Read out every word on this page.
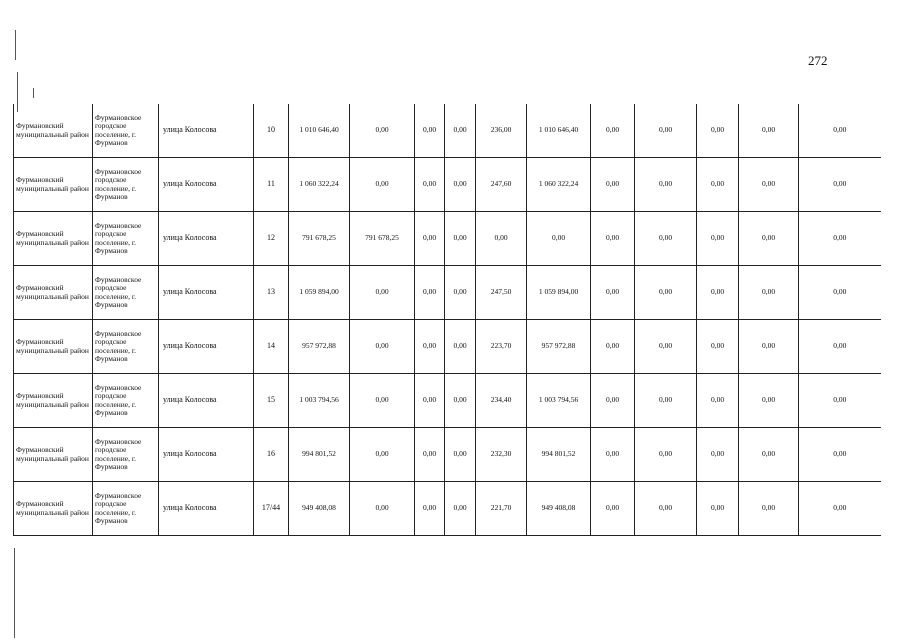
272
Фурмановский муниципальный район	Фурмановское городское поселение, г. Фурманов	улица Колосова	10	1 010 646,40	0,00	0,00	0,00	236,00	1 010 646,40	0,00	0,00	0,00	0,00	0,00
Фурмановский муниципальный район	Фурмановское городское поселение, г. Фурманов	улица Колосова	11	1 060 322,24	0,00	0,00	0,00	247,60	1 060 322,24	0,00	0,00	0,00	0,00	0,00
Фурмановский муниципальный район	Фурмановское городское поселение, г. Фурманов	улица Колосова	12	791 678,25	791 678,25	0,00	0,00	0,00	0,00	0,00	0,00	0,00	0,00	0,00
Фурмановский муниципальный район	Фурмановское городское поселение, г. Фурманов	улица Колосова	13	1 059 894,00	0,00	0,00	0,00	247,50	1 059 894,00	0,00	0,00	0,00	0,00	0,00
Фурмановский муниципальный район	Фурмановское городское поселение, г. Фурманов	улица Колосова	14	957 972,88	0,00	0,00	0,00	223,70	957 972,88	0,00	0,00	0,00	0,00	0,00
Фурмановский муниципальный район	Фурмановское городское поселение, г. Фурманов	улица Колосова	15	1 003 794,56	0,00	0,00	0,00	234,40	1 003 794,56	0,00	0,00	0,00	0,00	0,00
Фурмановский муниципальный район	Фурмановское городское поселение, г. Фурманов	улица Колосова	16	994 801,52	0,00	0,00	0,00	232,30	994 801,52	0,00	0,00	0,00	0,00	0,00
Фурмановский муниципальный район	Фурмановское городское поселение, г. Фурманов	улица Колосова	17/44	949 408,08	0,00	0,00	0,00	221,70	949 408,08	0,00	0,00	0,00	0,00	0,00
